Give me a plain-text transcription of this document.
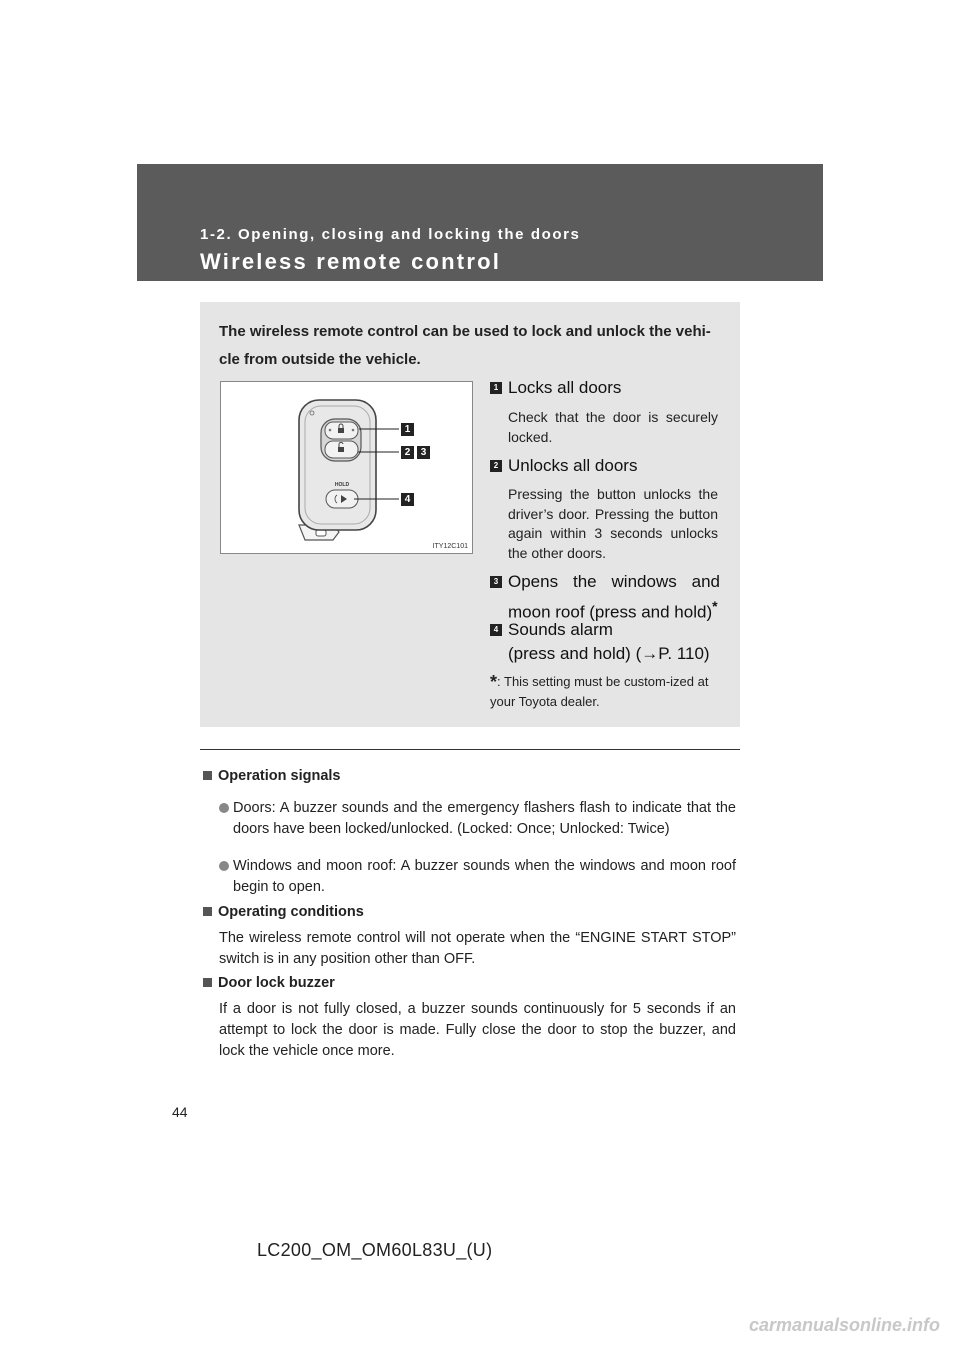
1-2. Opening, closing and locking the doors
Wireless remote control
The wireless remote control can be used to lock and unlock the vehi-cle from outside the vehicle.
HOLD
1
2	3
4
ITY12C101
1 Locks all doors
Check that the door is securely locked.
2 Unlocks all doors
Pressing the button unlocks the driver’s door. Pressing the button again within 3 seconds unlocks the other doors.
3 Opens the windows and moon roof (press and hold)*
4 Sounds alarm
(press and hold) (→P. 110)
*: This setting must be custom-ized at your Toyota dealer.
Operation signals
Doors: A buzzer sounds and the emergency flashers flash to indicate that the doors have been locked/unlocked. (Locked: Once; Unlocked: Twice)
Windows and moon roof: A buzzer sounds when the windows and moon roof begin to open.
Operating conditions
The wireless remote control will not operate when the “ENGINE START STOP” switch is in any position other than OFF.
Door lock buzzer
If a door is not fully closed, a buzzer sounds continuously for 5 seconds if an attempt to lock the door is made. Fully close the door to stop the buzzer, and lock the vehicle once more.
44
LC200_OM_OM60L83U_(U)
carmanualsonline.info
